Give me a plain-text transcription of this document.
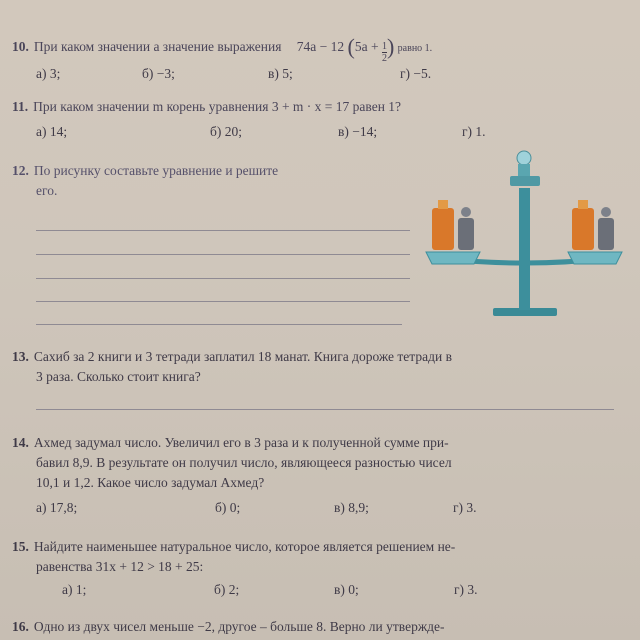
10. При каком значении a значение выражения 74a − 12 ($5a + \frac{1}{2}$ ) равно 1.
а) 3;	б) −3;	в) 5;	г) −5.
11. При каком значении m корень уравнения 3 + m · x = 17 равен 1?
а) 14;	б) 20;	в) −14;	г) 1.
12. По рисунку составьте уравнение и решите
его.
13. Сахиб за 2 книги и 3 тетради заплатил 18 манат. Книга дороже тетради в
3 раза. Сколько стоит книга?
14. Ахмед задумал число. Увеличил его в 3 раза и к полученной сумме при-
бавил 8,9. В результате он получил число, являющееся разностью чисел
10,1 и 1,2. Какое число задумал Ахмед?
а) 17,8;	б) 0;	в) 8,9;	г) 3.
15. Найдите наименьшее натуральное число, которое является решением не-
равенства 31x + 12 > 18 + 25:
а) 1;	б) 2;	в) 0;	г) 3.
16. Одно из двух чисел меньше −2, другое – больше 8. Верно ли утвержде-
